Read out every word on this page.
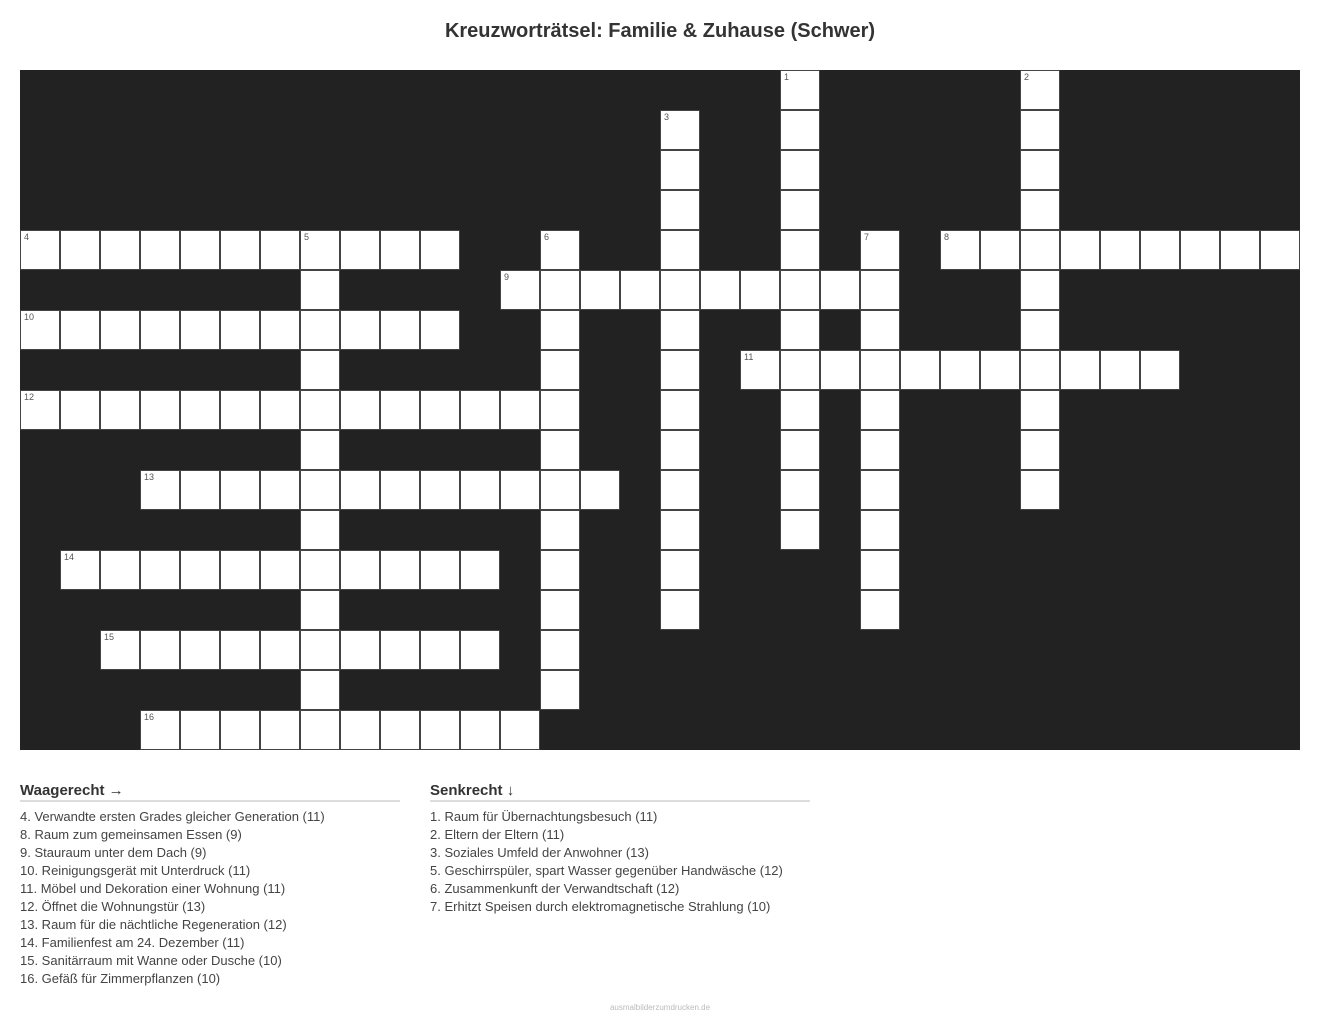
Kreuzworträtsel: Familie & Zuhause (Schwer)
1	2
3
4	5	6	7	8
9
10
11
12
13
14
15
16
Waagerecht →
4. Verwandte ersten Grades gleicher Generation (11)
8. Raum zum gemeinsamen Essen (9)
9. Stauraum unter dem Dach (9)
10. Reinigungsgerät mit Unterdruck (11)
11. Möbel und Dekoration einer Wohnung (11)
12. Öffnet die Wohnungstür (13)
13. Raum für die nächtliche Regeneration (12)
14. Familienfest am 24. Dezember (11)
15. Sanitärraum mit Wanne oder Dusche (10)
16. Gefäß für Zimmerpflanzen (10)
Senkrecht ↓
1. Raum für Übernachtungsbesuch (11)
2. Eltern der Eltern (11)
3. Soziales Umfeld der Anwohner (13)
5. Geschirrspüler, spart Wasser gegenüber Handwäsche (12)
6. Zusammenkunft der Verwandtschaft (12)
7. Erhitzt Speisen durch elektromagnetische Strahlung (10)
ausmalbilderzumdrucken.de
